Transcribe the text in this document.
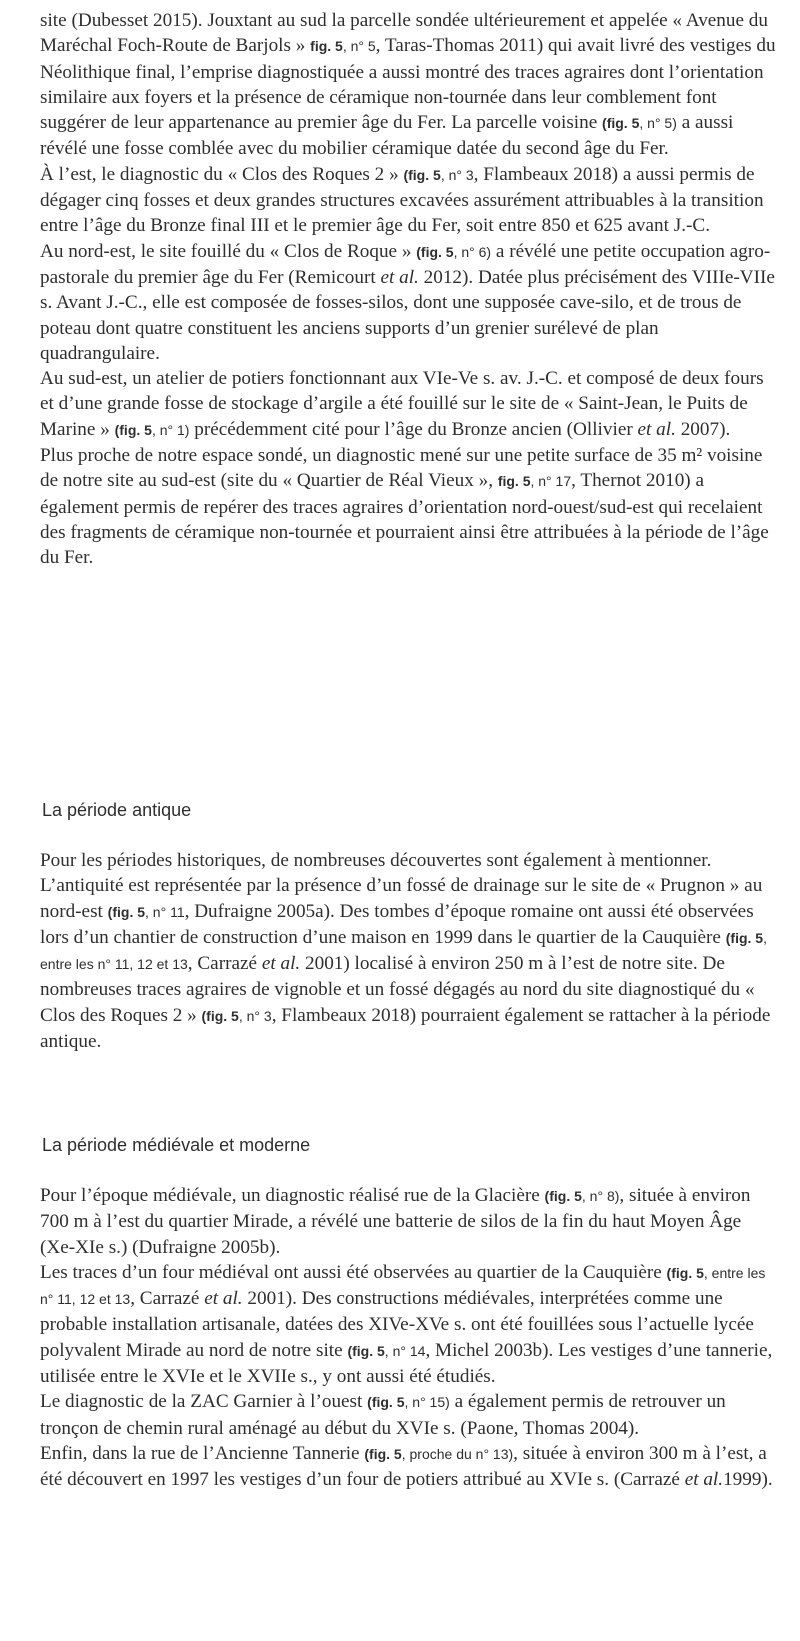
site (Dubesset 2015). Jouxtant au sud la parcelle sondée ultérieurement et appelée « Avenue du Maréchal Foch-Route de Barjols » fig. 5, n° 5, Taras-Thomas 2011) qui avait livré des vestiges du Néolithique final, l’emprise diagnostiquée a aussi montré des traces agraires dont l’orientation similaire aux foyers et la présence de céramique non-tournée dans leur comblement font suggérer de leur appartenance au premier âge du Fer. La parcelle voisine (fig. 5, n° 5) a aussi révélé une fosse comblée avec du mobilier céramique datée du second âge du Fer.

À l’est, le diagnostic du « Clos des Roques 2 » (fig. 5, n° 3, Flambeaux 2018) a aussi permis de dégager cinq fosses et deux grandes structures excavées assurément attribuables à la transition entre l’âge du Bronze final III et le premier âge du Fer, soit entre 850 et 625 avant J.-C.

Au nord-est, le site fouillé du « Clos de Roque » (fig. 5, n° 6) a révélé une petite occupation agro-pastorale du premier âge du Fer (Remicourt et al. 2012). Datée plus précisément des VIIIe-VIIe s. Avant J.-C., elle est composée de fosses-silos, dont une supposée cave-silo, et de trous de poteau dont quatre constituent les anciens supports d’un grenier surélevé de plan quadrangulaire.

Au sud-est, un atelier de potiers fonctionnant aux VIe-Ve s. av. J.-C. et composé de deux fours et d’une grande fosse de stockage d’argile a été fouillé sur le site de « Saint-Jean, le Puits de Marine » (fig. 5, n° 1) précédemment cité pour l’âge du Bronze ancien (Ollivier et al. 2007).

Plus proche de notre espace sondé, un diagnostic mené sur une petite surface de 35 m² voisine de notre site au sud-est (site du « Quartier de Réal Vieux », fig. 5, n° 17, Thernot 2010) a également permis de repérer des traces agraires d’orientation nord-ouest/sud-est qui recelaient des fragments de céramique non-tournée et pourraient ainsi être attribuées à la période de l’âge du Fer.

La période antique

Pour les périodes historiques, de nombreuses découvertes sont également à mentionner. L’antiquité est représentée par la présence d’un fossé de drainage sur le site de « Prugnon » au nord-est (fig. 5, n° 11, Dufraigne 2005a). Des tombes d’époque romaine ont aussi été observées lors d’un chantier de construction d’une maison en 1999 dans le quartier de la Cauquière (fig. 5, entre les n° 11, 12 et 13, Carrazé et al. 2001) localisé à environ 250 m à l’est de notre site. De nombreuses traces agraires de vignoble et un fossé dégagés au nord du site diagnostiqué du « Clos des Roques 2 » (fig. 5, n° 3, Flambeaux 2018) pourraient également se rattacher à la période antique.

La période médiévale et moderne

Pour l’époque médiévale, un diagnostic réalisé rue de la Glacière (fig. 5, n° 8), située à environ 700 m à l’est du quartier Mirade, a révélé une batterie de silos de la fin du haut Moyen Âge (Xe-XIe s.) (Dufraigne 2005b).

Les traces d’un four médiéval ont aussi été observées au quartier de la Cauquière (fig. 5, entre les n° 11, 12 et 13, Carrazé et al. 2001). Des constructions médiévales, interprétées comme une probable installation artisanale, datées des XIVe-XVe s. ont été fouillées sous l’actuelle lycée polyvalent Mirade au nord de notre site (fig. 5, n° 14, Michel 2003b). Les vestiges d’une tannerie, utilisée entre le XVIe et le XVIIe s., y ont aussi été étudiés.

Le diagnostic de la ZAC Garnier à l’ouest (fig. 5, n° 15) a également permis de retrouver un tronçon de chemin rural aménagé au début du XVIe s. (Paone, Thomas 2004).

Enfin, dans la rue de l’Ancienne Tannerie (fig. 5, proche du n° 13), située à environ 300 m à l’est, a été découvert en 1997 les vestiges d’un four de potiers attribué au XVIe s. (Carrazé et al.1999).
